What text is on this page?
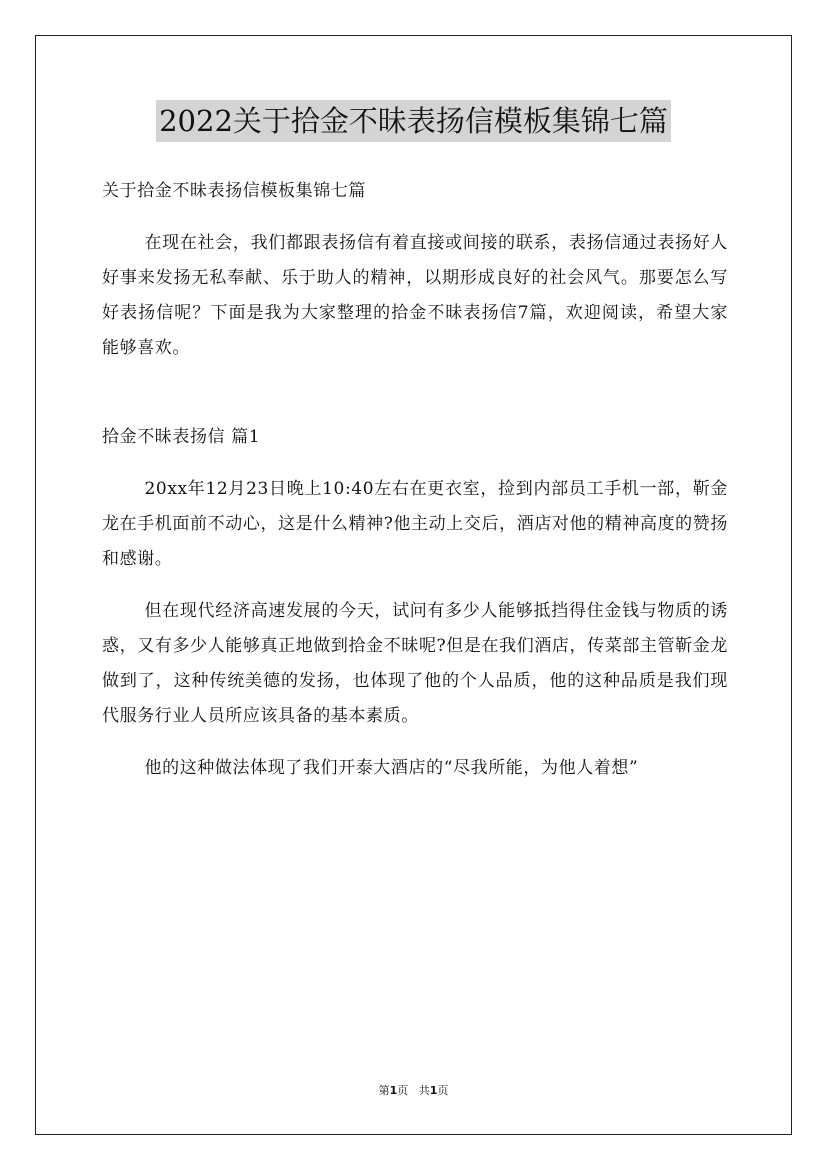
2022关于拾金不昧表扬信模板集锦七篇

关于拾金不昧表扬信模板集锦七篇

在现在社会，我们都跟表扬信有着直接或间接的联系，表扬信通过表扬好人好事来发扬无私奉献、乐于助人的精神，以期形成良好的社会风气。那要怎么写好表扬信呢？下面是我为大家整理的拾金不昧表扬信7篇，欢迎阅读，希望大家能够喜欢。

拾金不昧表扬信 篇1

20xx年12月23日晚上10:40左右在更衣室，捡到内部员工手机一部，靳金龙在手机面前不动心，这是什么精神?他主动上交后，酒店对他的精神高度的赞扬和感谢。

但在现代经济高速发展的今天，试问有多少人能够抵挡得住金钱与物质的诱惑，又有多少人能够真正地做到拾金不昧呢?但是在我们酒店，传菜部主管靳金龙做到了，这种传统美德的发扬，也体现了他的个人品质，他的这种品质是我们现代服务行业人员所应该具备的基本素质。

他的这种做法体现了我们开泰大酒店的“尽我所能，为他人着想”

第1页 共1页
